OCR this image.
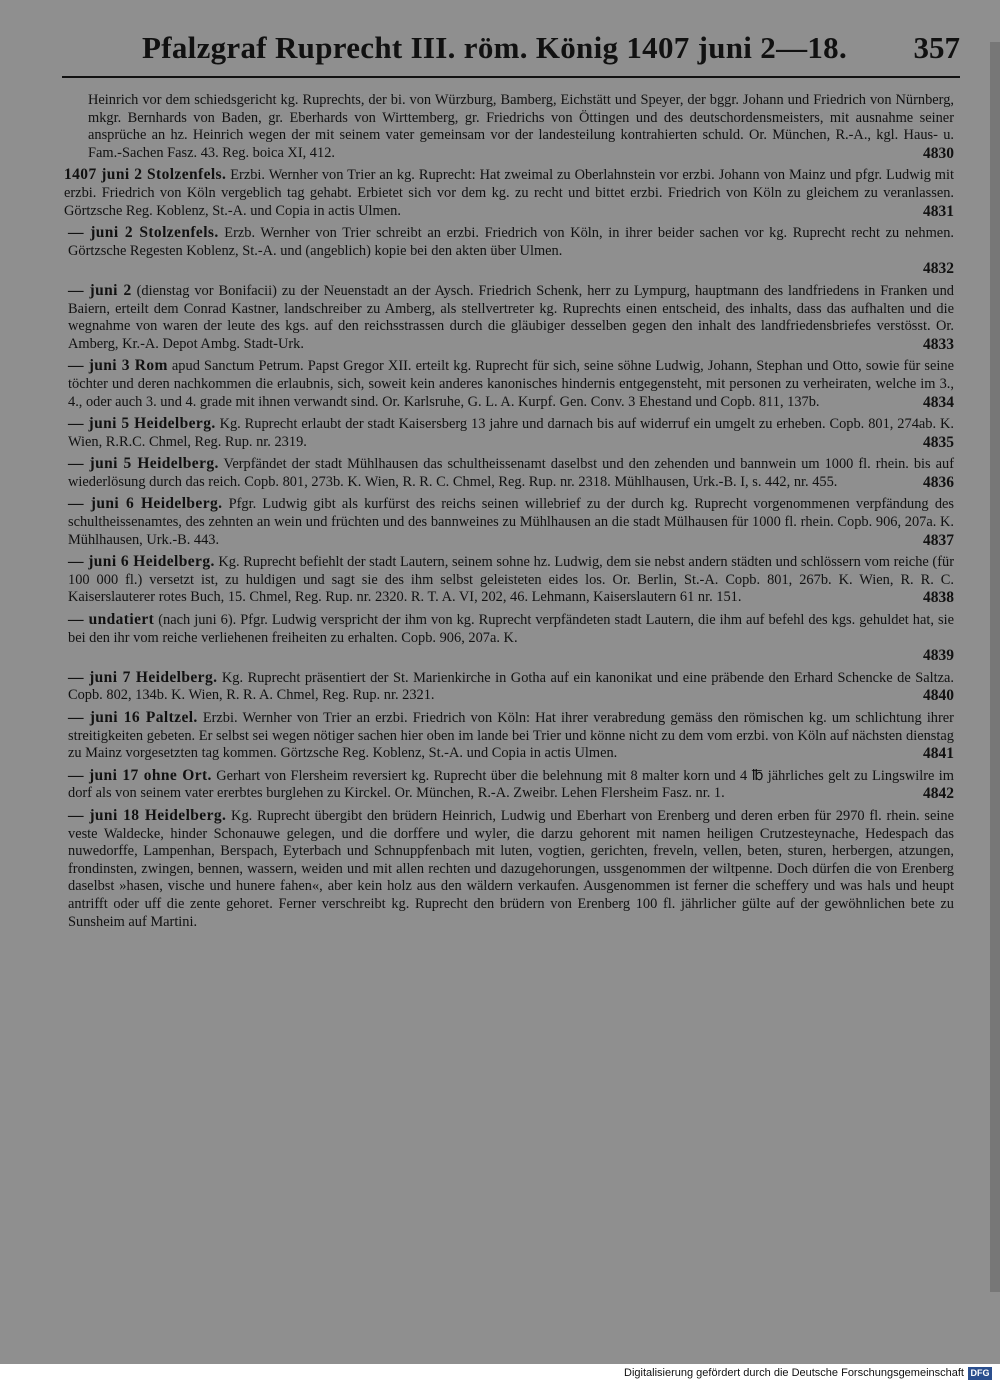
Pfalzgraf Ruprecht III. röm. König 1407 juni 2—18. 357
Heinrich vor dem schiedsgericht kg. Ruprechts, der bi. von Würzburg, Bamberg, Eichstätt und Speyer, der bggr. Johann und Friedrich von Nürnberg, mkgr. Bernhards von Baden, gr. Eberhards von Wirttemberg, gr. Friedrichs von Öttingen und des deutschordensmeisters, mit ausnahme seiner ansprüche an hz. Heinrich wegen der mit seinem vater gemeinsam vor der landesteilung kontrahierten schuld. Or. München, R.-A., kgl. Haus- u. Fam.-Sachen Fasz. 43. Reg. boica XI, 412.	4830
1407 juni 2 Stolzenfels. Erzbi. Wernher von Trier an kg. Ruprecht: Hat zweimal zu Oberlahnstein vor erzbi. Johann von Mainz und pfgr. Ludwig mit erzbi. Friedrich von Köln vergeblich tag gehabt. Erbietet sich vor dem kg. zu recht und bittet erzbi. Friedrich von Köln zu gleichem zu veranlassen. Görtzsche Reg. Koblenz, St.-A. und Copia in actis Ulmen.	4831
— juni 2 Stolzenfels. Erzb. Wernher von Trier schreibt an erzbi. Friedrich von Köln, in ihrer beider sachen vor kg. Ruprecht recht zu nehmen. Görtzsche Regesten Koblenz, St.-A. und (angeblich) kopie bei den akten über Ulmen.
4832
— juni 2 (dienstag vor Bonifacii) zu der Neuenstadt an der Aysch. Friedrich Schenk, herr zu Lympurg, hauptmann des landfriedens in Franken und Baiern, erteilt dem Conrad Kastner, landschreiber zu Amberg, als stellvertreter kg. Ruprechts einen entscheid, des inhalts, dass das aufhalten und die wegnahme von waren der leute des kgs. auf den reichsstrassen durch die gläubiger desselben gegen den inhalt des landfriedensbriefes verstösst. Or. Amberg, Kr.-A. Depot Ambg. Stadt-Urk.	4833
— juni 3 Rom apud Sanctum Petrum. Papst Gregor XII. erteilt kg. Ruprecht für sich, seine söhne Ludwig, Johann, Stephan und Otto, sowie für seine töchter und deren nachkommen die erlaubnis, sich, soweit kein anderes kanonisches hindernis entgegensteht, mit personen zu verheiraten, welche im 3., 4., oder auch 3. und 4. grade mit ihnen verwandt sind. Or. Karlsruhe, G. L. A. Kurpf. Gen. Conv. 3 Ehestand und Copb. 811, 137b.	4834
— juni 5 Heidelberg. Kg. Ruprecht erlaubt der stadt Kaisersberg 13 jahre und darnach bis auf widerruf ein umgelt zu erheben. Copb. 801, 274ab. K. Wien, R.R.C. Chmel, Reg. Rup. nr. 2319.	4835
— juni 5 Heidelberg. Verpfändet der stadt Mühlhausen das schultheissenamt daselbst und den zehenden und bannwein um 1000 fl. rhein. bis auf wiederlösung durch das reich. Copb. 801, 273b. K. Wien, R. R. C. Chmel, Reg. Rup. nr. 2318. Mühlhausen, Urk.-B. I, s. 442, nr. 455.	4836
— juni 6 Heidelberg. Pfgr. Ludwig gibt als kurfürst des reichs seinen willebrief zu der durch kg. Ruprecht vorgenommenen verpfändung des schultheissenamtes, des zehnten an wein und früchten und des bannweines zu Mühlhausen an die stadt Mülhausen für 1000 fl. rhein. Copb. 906, 207a. K. Mühlhausen, Urk.-B. 443.	4837
— juni 6 Heidelberg. Kg. Ruprecht befiehlt der stadt Lautern, seinem sohne hz. Ludwig, dem sie nebst andern städten und schlössern vom reiche (für 100 000 fl.) versetzt ist, zu huldigen und sagt sie des ihm selbst geleisteten eides los. Or. Berlin, St.-A. Copb. 801, 267b. K. Wien, R. R. C. Kaiserslauterer rotes Buch, 15. Chmel, Reg. Rup. nr. 2320. R. T. A. VI, 202, 46. Lehmann, Kaiserslautern 61 nr. 151.	4838
— undatiert (nach juni 6). Pfgr. Ludwig verspricht der ihm von kg. Ruprecht verpfändeten stadt Lautern, die ihm auf befehl des kgs. gehuldet hat, sie bei den ihr vom reiche verliehenen freiheiten zu erhalten. Copb. 906, 207a. K.
4839
— juni 7 Heidelberg. Kg. Ruprecht präsentiert der St. Marienkirche in Gotha auf ein kanonikat und eine präbende den Erhard Schencke de Saltza. Copb. 802, 134b. K. Wien, R. R. A. Chmel, Reg. Rup. nr. 2321.	4840
— juni 16 Paltzel. Erzbi. Wernher von Trier an erzbi. Friedrich von Köln: Hat ihrer verabredung gemäss den römischen kg. um schlichtung ihrer streitigkeiten gebeten. Er selbst sei wegen nötiger sachen hier oben im lande bei Trier und könne nicht zu dem vom erzbi. von Köln auf nächsten dienstag zu Mainz vorgesetzten tag kommen. Görtzsche Reg. Koblenz, St.-A. und Copia in actis Ulmen.	4841
— juni 17 ohne Ort. Gerhart von Flersheim reversiert kg. Ruprecht über die belehnung mit 8 malter korn und 4 ℔ jährliches gelt zu Lingswilre im dorf als von seinem vater ererbtes burglehen zu Kirckel. Or. München, R.-A. Zweibr. Lehen Flersheim Fasz. nr. 1.	4842
— juni 18 Heidelberg. Kg. Ruprecht übergibt den brüdern Heinrich, Ludwig und Eberhart von Erenberg und deren erben für 2970 fl. rhein. seine veste Waldecke, hinder Schonauwe gelegen, und die dorffere und wyler, die darzu gehorent mit namen heiligen Crutzesteynache, Hedespach das nuwedorffe, Lampenhan, Berspach, Eyterbach und Schnuppfenbach mit luten, vogtien, gerichten, freveln, vellen, beten, sturen, herbergen, atzungen, frondinsten, zwingen, bennen, wassern, weiden und mit allen rechten und dazugehorungen, ussgenommen der wiltpenne. Doch dürfen die von Erenberg daselbst »hasen, vische und hunere fahen«, aber kein holz aus den wäldern verkaufen. Ausgenommen ist ferner die scheffery und was hals und heupt antrifft oder uff die zente gehoret. Ferner verschreibt kg. Ruprecht den brüdern von Erenberg 100 fl. jährlicher gülte auf der gewöhnlichen bete zu Sunsheim auf Martini.
Digitalisierung gefördert durch die Deutsche Forschungsgemeinschaft DFG
